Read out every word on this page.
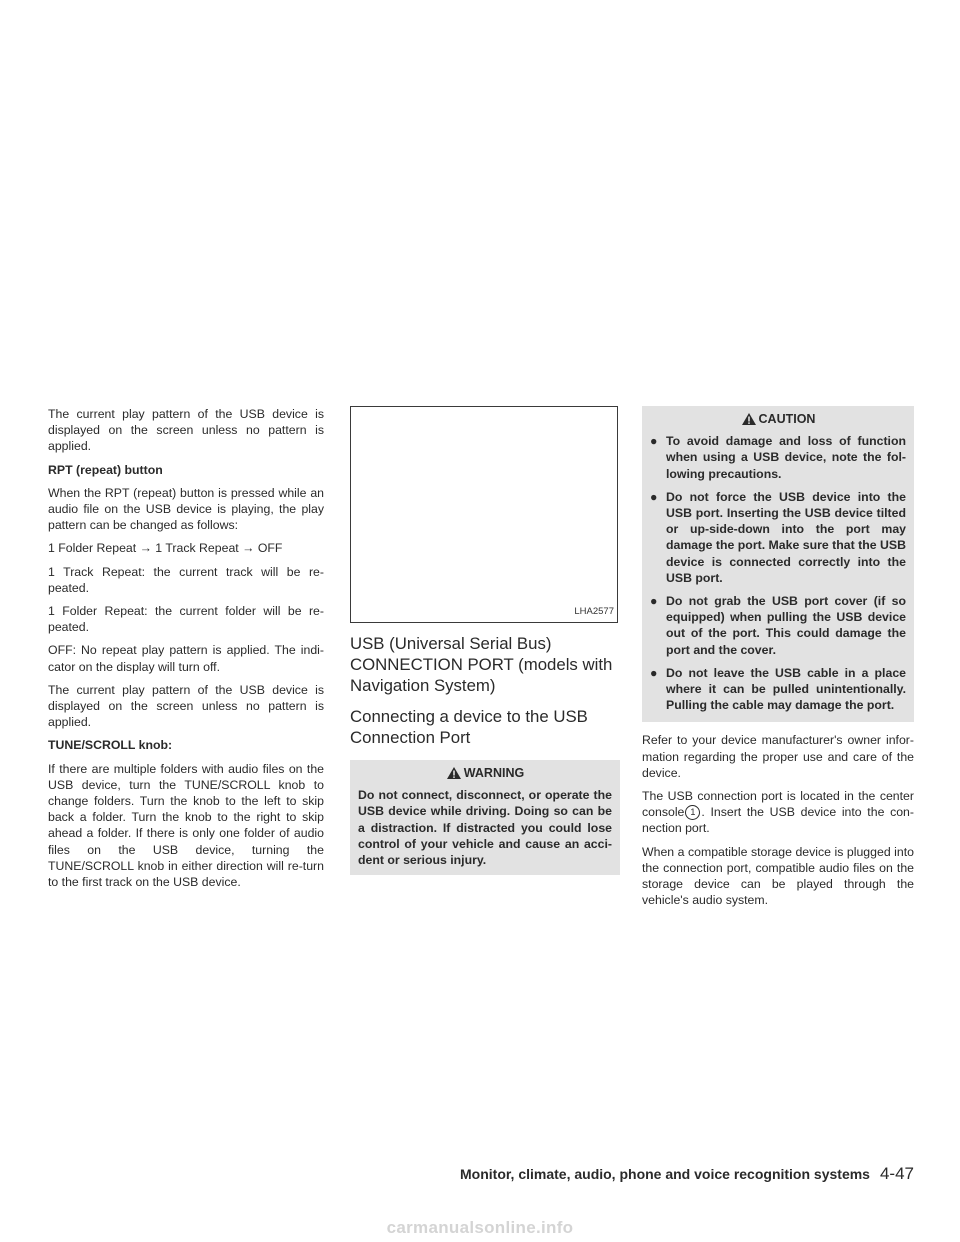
The current play pattern of the USB device is displayed on the screen unless no pattern is applied.

RPT (repeat) button

When the RPT (repeat) button is pressed while an audio file on the USB device is playing, the play pattern can be changed as follows:

1 Folder Repeat → 1 Track Repeat → OFF

1 Track Repeat: the current track will be re-peated.

1 Folder Repeat: the current folder will be re-peated.

OFF: No repeat play pattern is applied. The indi-cator on the display will turn off.

The current play pattern of the USB device is displayed on the screen unless no pattern is applied.

TUNE/SCROLL knob:

If there are multiple folders with audio files on the USB device, turn the TUNE/SCROLL knob to change folders. Turn the knob to the left to skip back a folder. Turn the knob to the right to skip ahead a folder. If there is only one folder of audio files on the USB device, turning the TUNE/SCROLL knob in either direction will re-turn to the first track on the USB device.

LHA2577
USB (Universal Serial Bus) CONNECTION PORT (models with Navigation System)
Connecting a device to the USB Connection Port
WARNING

Do not connect, disconnect, or operate the USB device while driving. Doing so can be a distraction. If distracted you could lose control of your vehicle and cause an acci-dent or serious injury.

CAUTION
● To avoid damage and loss of function when using a USB device, note the fol-lowing precautions.
● Do not force the USB device into the USB port. Inserting the USB device tilted or up-side-down into the port may damage the port. Make sure that the USB device is connected correctly into the USB port.
● Do not grab the USB port cover (if so equipped) when pulling the USB device out of the port. This could damage the port and the cover.
● Do not leave the USB cable in a place where it can be pulled unintentionally. Pulling the cable may damage the port.

Refer to your device manufacturer's owner infor-mation regarding the proper use and care of the device.

The USB connection port is located in the center console 1 . Insert the USB device into the con-nection port.

When a compatible storage device is plugged into the connection port, compatible audio files on the storage device can be played through the vehicle's audio system.

Monitor, climate, audio, phone and voice recognition systems 4-47
carmanualsonline.info
